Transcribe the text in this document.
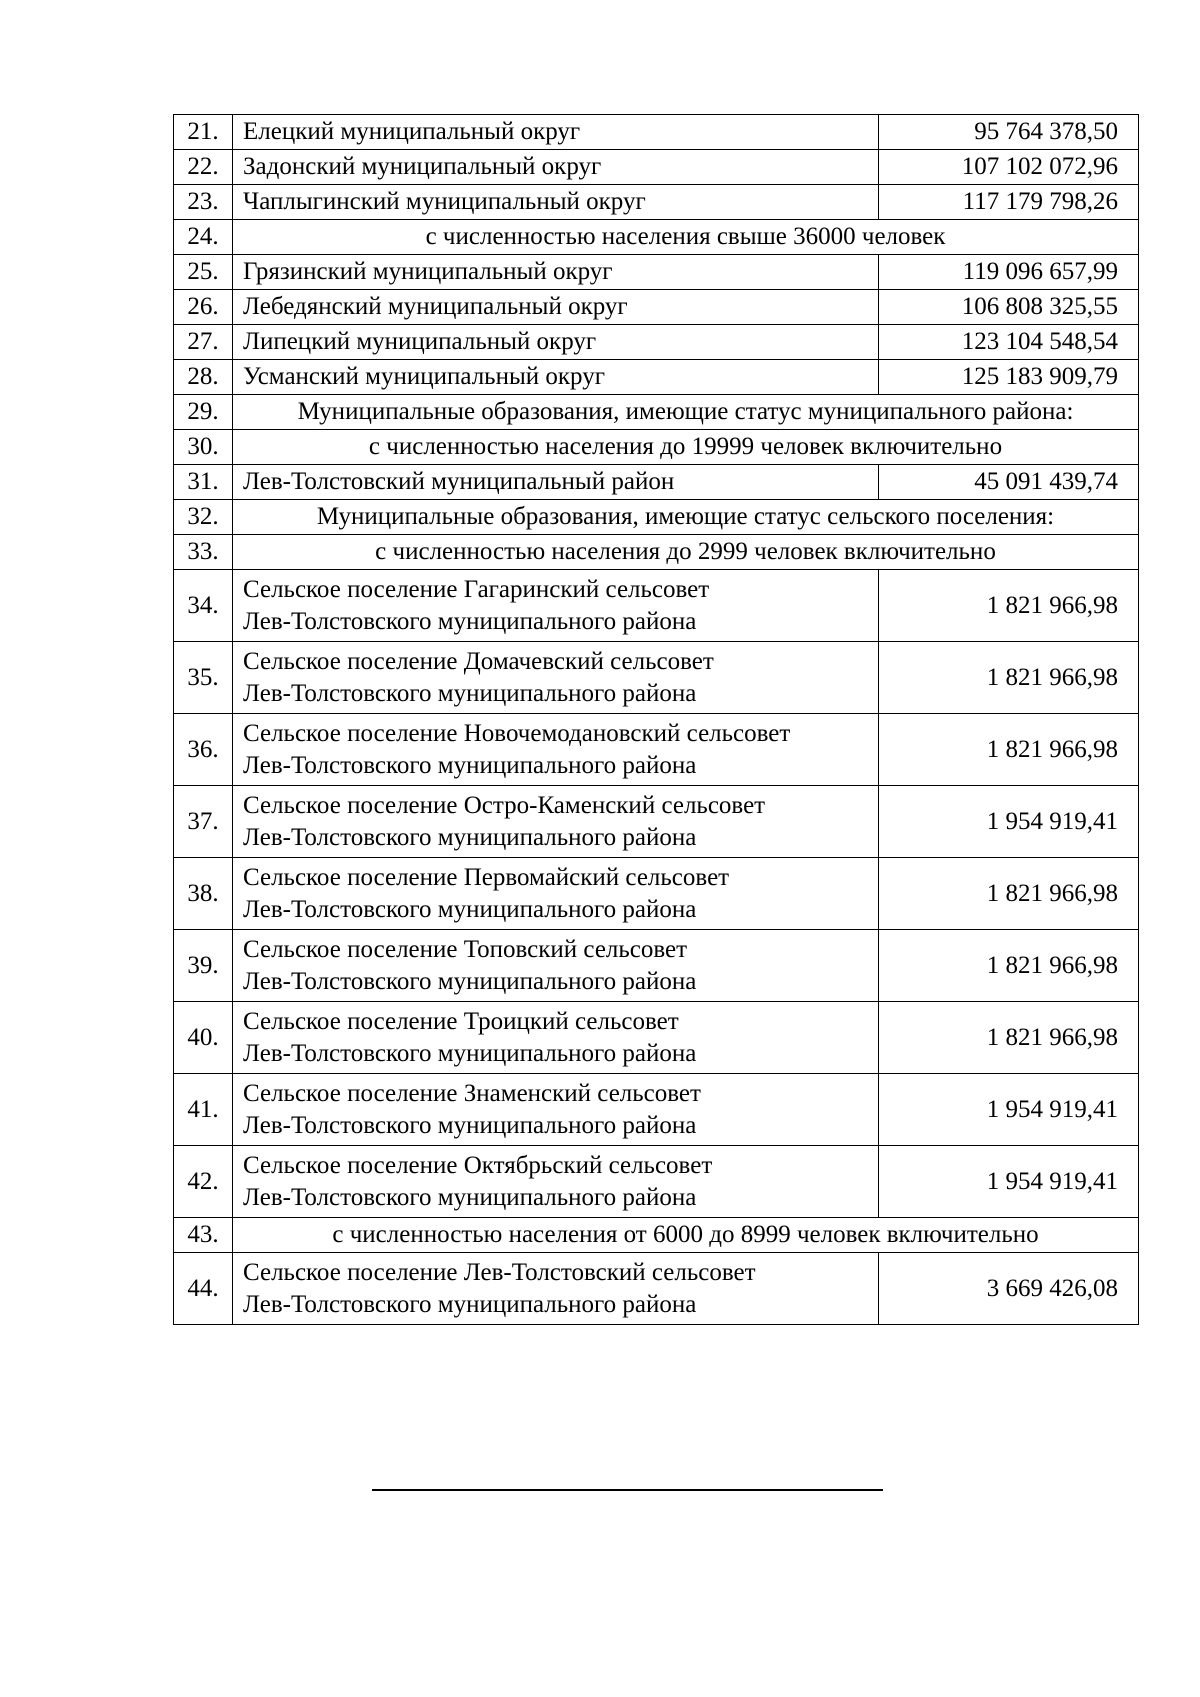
21.	Елецкий муниципальный округ	95 764 378,50
22.	Задонский муниципальный округ	107 102 072,96
23.	Чаплыгинский муниципальный округ	117 179 798,26
24.	с численностью населения свыше 36000 человек	
25.	Грязинский муниципальный округ	119 096 657,99
26.	Лебедянский муниципальный округ	106 808 325,55
27.	Липецкий муниципальный округ	123 104 548,54
28.	Усманский муниципальный округ	125 183 909,79
29.	Муниципальные образования, имеющие статус муниципального района:	
30.	с численностью населения до 19999 человек включительно	
31.	Лев-Толстовский муниципальный район	45 091 439,74
32.	Муниципальные образования, имеющие статус сельского поселения:	
33.	с численностью населения до 2999 человек включительно	
34.	Сельское поселение Гагаринский сельсовет
Лев-Толстовского муниципального района	1 821 966,98
35.	Сельское поселение Домачевский сельсовет
Лев-Толстовского муниципального района	1 821 966,98
36.	Сельское поселение Новочемодановский сельсовет
Лев-Толстовского муниципального района	1 821 966,98
37.	Сельское поселение Остро-Каменский сельсовет
Лев-Толстовского муниципального района	1 954 919,41
38.	Сельское поселение Первомайский сельсовет
Лев-Толстовского муниципального района	1 821 966,98
39.	Сельское поселение Топовский сельсовет
Лев-Толстовского муниципального района	1 821 966,98
40.	Сельское поселение Троицкий сельсовет
Лев-Толстовского муниципального района	1 821 966,98
41.	Сельское поселение Знаменский сельсовет
Лев-Толстовского муниципального района	1 954 919,41
42.	Сельское поселение Октябрьский сельсовет
Лев-Толстовского муниципального района	1 954 919,41
43.	с численностью населения от 6000 до 8999 человек включительно	
44.	Сельское поселение Лев-Толстовский сельсовет
Лев-Толстовского муниципального района	3 669 426,08
